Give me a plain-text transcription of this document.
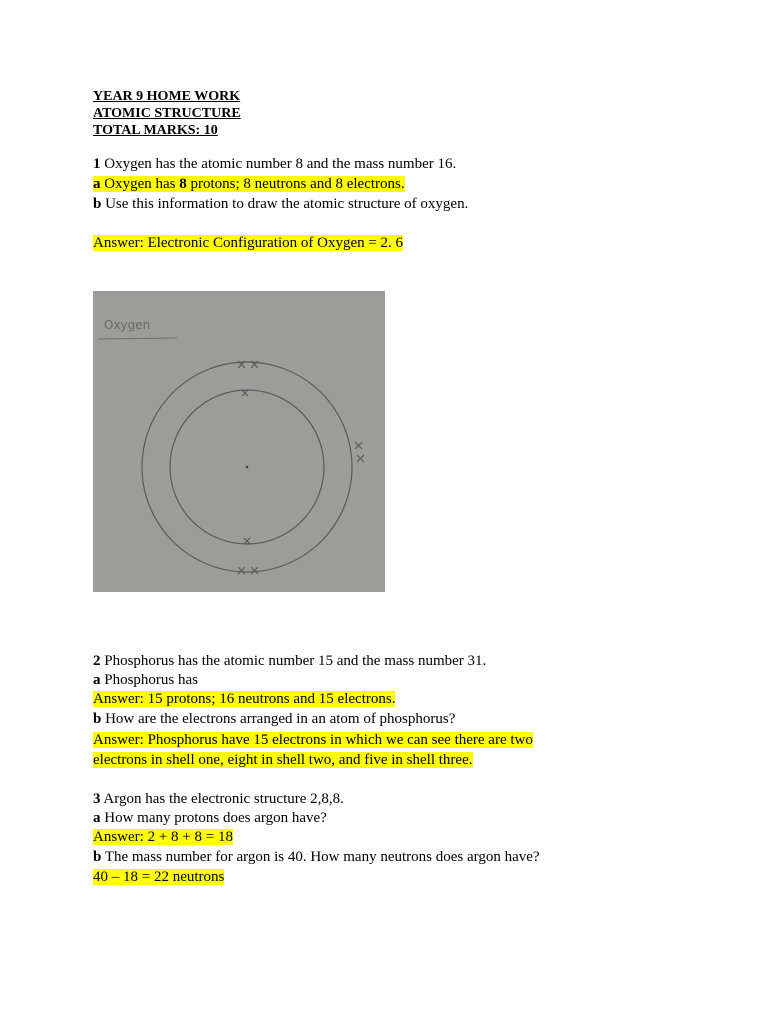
YEAR 9 HOME WORK
ATOMIC STRUCTURE
TOTAL MARKS: 10
1 Oxygen has the atomic number 8 and the mass number 16.
a Oxygen has 8 protons; 8 neutrons and 8 electrons.
b Use this information to draw the atomic structure of oxygen.
Answer: Electronic Configuration of Oxygen = 2. 6
Oxygen
2 Phosphorus has the atomic number 15 and the mass number 31.
a Phosphorus has
Answer: 15 protons; 16 neutrons and 15 electrons.
b How are the electrons arranged in an atom of phosphorus?
Answer: Phosphorus have 15 electrons in which we can see there are two
electrons in shell one, eight in shell two, and five in shell three.
3 Argon has the electronic structure 2,8,8.
a How many protons does argon have?
Answer: 2 + 8 + 8 = 18
b The mass number for argon is 40. How many neutrons does argon have?
40 – 18 = 22 neutrons
